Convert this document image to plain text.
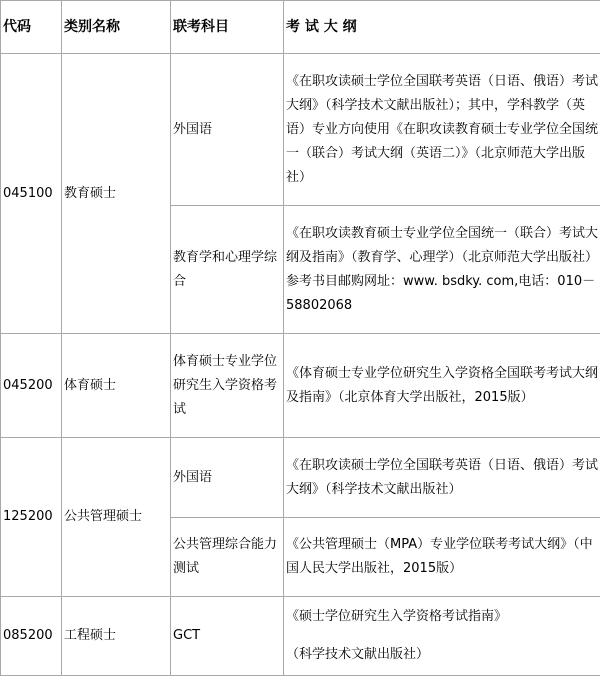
代码	类别名称	联考科目	考 试 大 纲
045100	教育硕士	外国语	《在职攻读硕士学位全国联考英语（日语、俄语）考试大纲》（科学技术文献出版社）；其中，学科教学（英语）专业方向使用《在职攻读教育硕士专业学位全国统一（联合）考试大纲（英语二）》（北京师范大学出版社）
		教育学和心理学综合	《在职攻读教育硕士专业学位全国统一（联合）考试大纲及指南》（教育学、心理学）（北京师范大学出版社）参考书目邮购网址：www. bsdky. com,电话：010－58802068
045200	体育硕士	体育硕士专业学位研究生入学资格考试	《体育硕士专业学位研究生入学资格全国联考考试大纲及指南》（北京体育大学出版社，2015版）
125200	公共管理硕士	外国语	《在职攻读硕士学位全国联考英语（日语、俄语）考试大纲》（科学技术文献出版社）
		公共管理综合能力测试	《公共管理硕士（MPA）专业学位联考考试大纲》（中国人民大学出版社，2015版）
085200	工程硕士	GCT	《硕士学位研究生入学资格考试指南》
（科学技术文献出版社）
